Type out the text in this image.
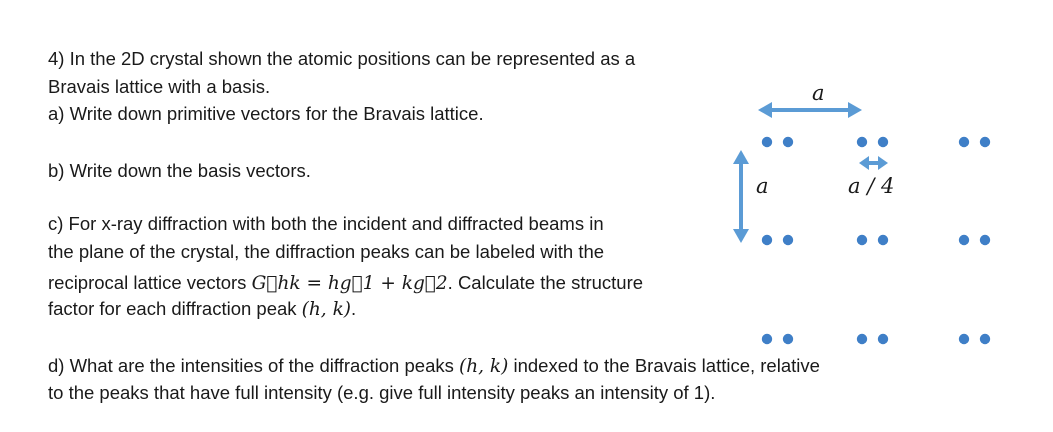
4) In the 2D crystal shown the atomic positions can be represented as a

Bravais lattice with a basis.

a) Write down primitive vectors for the Bravais lattice.

b) Write down the basis vectors.

c) For x-ray diffraction with both the incident and diffracted beams in

the plane of the crystal, the diffraction peaks can be labeled with the

reciprocal lattice vectors G⃗hk = hg⃗1 + kg⃗2. Calculate the structure

factor for each diffraction peak (h, k).

d) What are the intensities of the diffraction peaks (h, k) indexed to the Bravais lattice, relative

to the peaks that have full intensity (e.g. give full intensity peaks an intensity of 1).

a
a	a / 4
